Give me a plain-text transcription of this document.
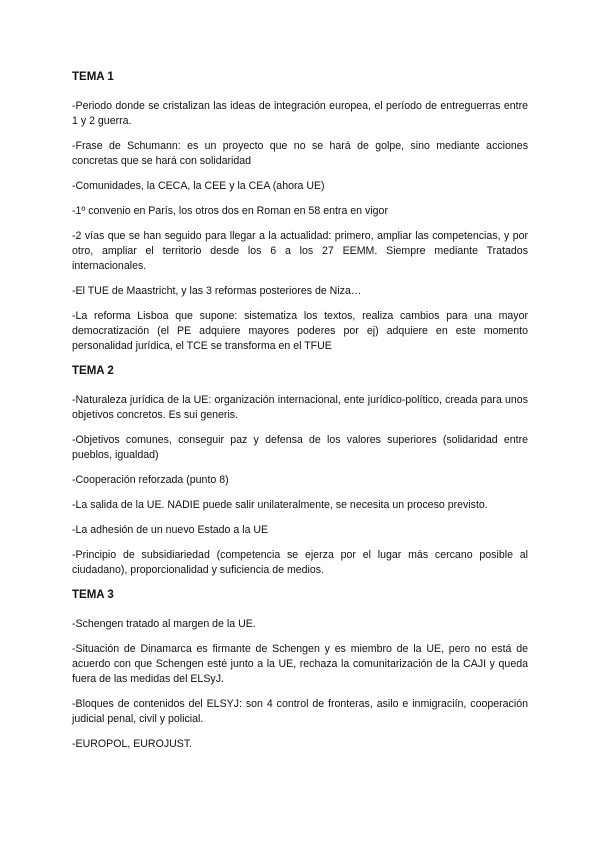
TEMA 1

-Periodo donde se cristalizan las ideas de integración europea, el período de entreguerras entre 1 y 2 guerra.

-Frase de Schumann: es un proyecto que no se hará de golpe, sino mediante acciones concretas que se hará con solidaridad

-Comunidades, la CECA, la CEE y la CEA (ahora UE)

-1º convenio en París, los otros dos en Roman en 58 entra en vigor

-2 vías que se han seguido para llegar a la actualidad: primero, ampliar las competencias, y por otro, ampliar el territorio desde los 6 a los 27 EEMM. Siempre mediante Tratados internacionales.

-El TUE de Maastricht, y las 3 reformas posteriores de Niza…

-La reforma Lisboa que supone: sistematiza los textos, realiza cambios para una mayor democratización (el PE adquiere mayores poderes por ej) adquiere en este momento personalidad jurídica, el TCE se transforma en el TFUE

TEMA 2

-Naturaleza jurídica de la UE: organización internacional, ente jurídico-político, creada para unos objetivos concretos. Es sui generis.

-Objetivos comunes, conseguir paz y defensa de los valores superiores (solidaridad entre pueblos, igualdad)

-Cooperación reforzada (punto 8)

-La salida de la UE. NADIE puede salir unilateralmente, se necesita un proceso previsto.

-La adhesión de un nuevo Estado a la UE

-Principio de subsidiariedad (competencia se ejerza por el lugar más cercano posible al ciudadano), proporcionalidad y suficiencia de medios.

TEMA 3

-Schengen tratado al margen de la UE.

-Situación de Dinamarca es firmante de Schengen y es miembro de la UE, pero no está de acuerdo con que Schengen esté junto a la UE, rechaza la comunitarización de la CAJI y queda fuera de las medidas del ELSyJ.

-Bloques de contenidos del ELSYJ: son 4 control de fronteras, asilo e inmigraciín, cooperación judicial penal, civil y policial.

-EUROPOL, EUROJUST.
